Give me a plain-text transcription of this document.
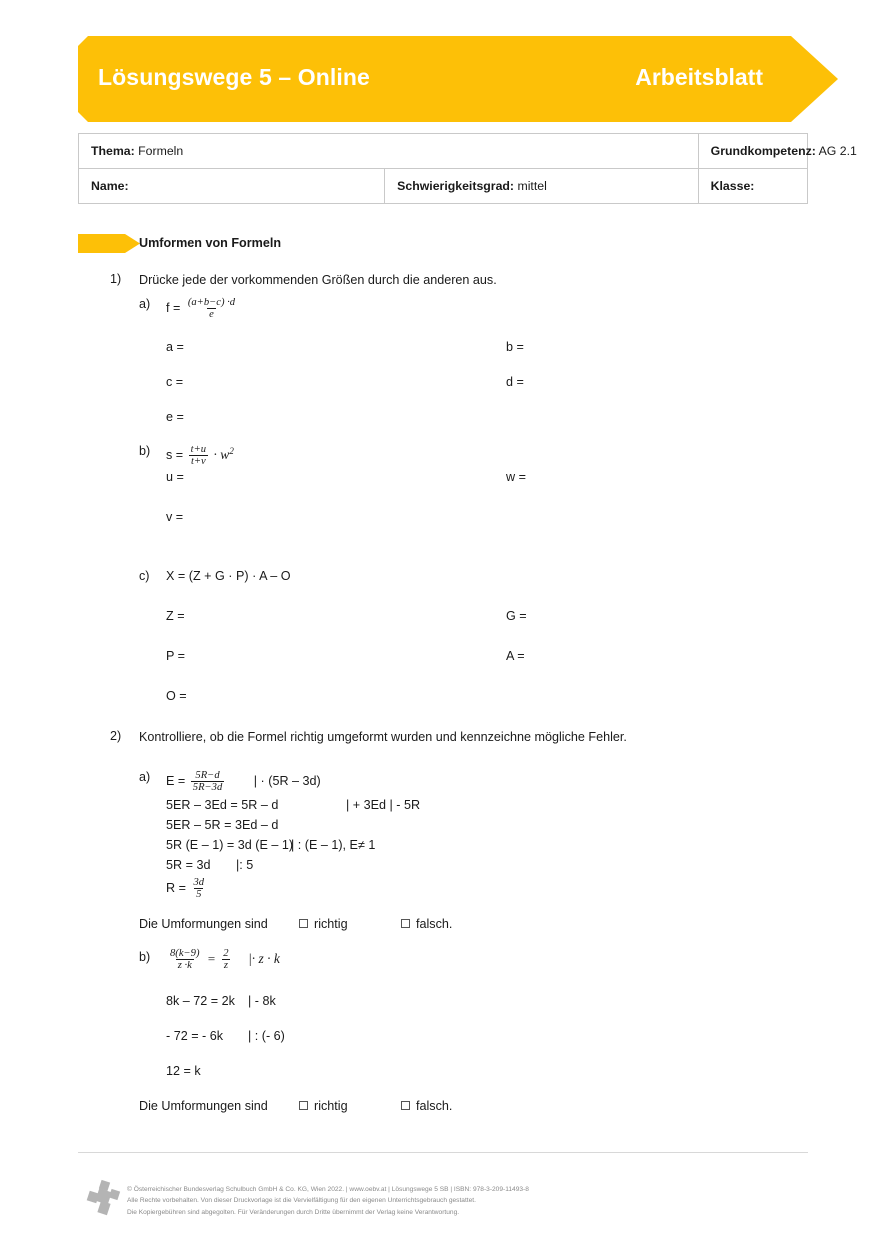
Lösungswege 5 – Online	Arbeitsblatt
Thema: Formeln		Grundkompetenz: AG 2.1
Name:	Schwierigkeitsgrad: mittel	Klasse:
Umformen von Formeln
1) Drücke jede der vorkommenden Größen durch die anderen aus.
a) $f = \frac{(a+b-c) \cdot d}{e}$
a =	b =
c =	d =
e =
b) $s = \frac{t+u}{t+v} \cdot w^2$
u =	w =
v =
c) X = (Z + G · P) · A – O
Z =	G =
P =	A =
O =
2) Kontrolliere, ob die Formel richtig umgeformt wurden und kennzeichne mögliche Fehler.
a) $E = \frac{5R-d}{5R-3d}$ | · (5R – 3d)
5ER – 3Ed = 5R – d	| + 3Ed | - 5R
5ER – 5R = 3Ed – d
5R (E – 1) = 3d (E – 1)
| : (E – 1), E≠ 1
5R = 3d |: 5
$R = \frac{3d}{5}$
Die Umformungen sind	richtig	falsch.
$b) \frac{8(k-9)}{z \cdot k} = \frac{2}{z}$ |· z · k
8k – 72 = 2k | - 8k
- 72 = - 6k | : (- 6)
12 = k
Die Umformungen sind	richtig	falsch.
© Österreichischer Bundesverlag Schulbuch GmbH & Co. KG, Wien 2022. | www.oebv.at | Lösungswege 5 SB | ISBN: 978-3-209-11493-8
Alle Rechte vorbehalten. Von dieser Druckvorlage ist die Vervielfältigung für den eigenen Unterrichtsgebrauch gestattet.
Die Kopiergebühren sind abgegolten. Für Veränderungen durch Dritte übernimmt der Verlag keine Verantwortung.
